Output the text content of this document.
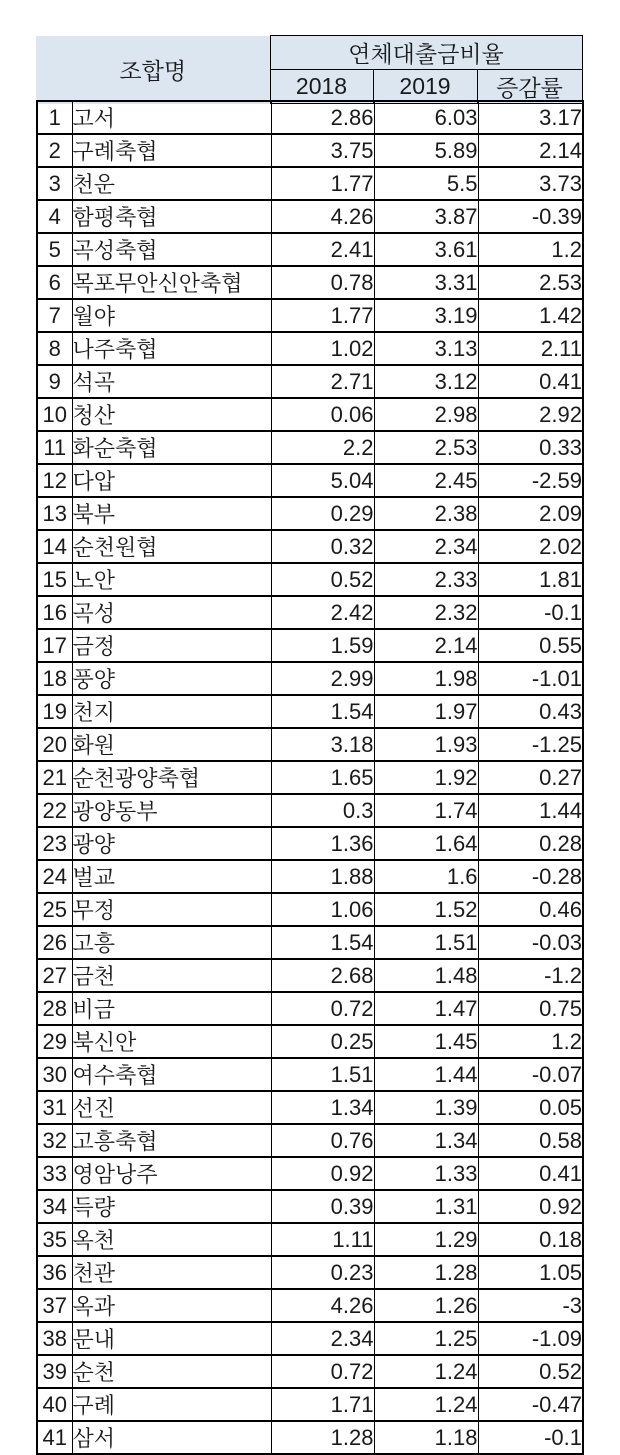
조합명	연체대출금비율		
	2018	2019	증감률
1	고서	2.86	6.03	3.17
2	구례축협	3.75	5.89	2.14
3	천운	1.77	5.5	3.73
4	함평축협	4.26	3.87	-0.39
5	곡성축협	2.41	3.61	1.2
6	목포무안신안축협	0.78	3.31	2.53
7	월야	1.77	3.19	1.42
8	나주축협	1.02	3.13	2.11
9	석곡	2.71	3.12	0.41
10	청산	0.06	2.98	2.92
11	화순축협	2.2	2.53	0.33
12	다압	5.04	2.45	-2.59
13	북부	0.29	2.38	2.09
14	순천원협	0.32	2.34	2.02
15	노안	0.52	2.33	1.81
16	곡성	2.42	2.32	-0.1
17	금정	1.59	2.14	0.55
18	풍양	2.99	1.98	-1.01
19	천지	1.54	1.97	0.43
20	화원	3.18	1.93	-1.25
21	순천광양축협	1.65	1.92	0.27
22	광양동부	0.3	1.74	1.44
23	광양	1.36	1.64	0.28
24	벌교	1.88	1.6	-0.28
25	무정	1.06	1.52	0.46
26	고흥	1.54	1.51	-0.03
27	금천	2.68	1.48	-1.2
28	비금	0.72	1.47	0.75
29	북신안	0.25	1.45	1.2
30	여수축협	1.51	1.44	-0.07
31	선진	1.34	1.39	0.05
32	고흥축협	0.76	1.34	0.58
33	영암낭주	0.92	1.33	0.41
34	득량	0.39	1.31	0.92
35	옥천	1.11	1.29	0.18
36	천관	0.23	1.28	1.05
37	옥과	4.26	1.26	-3
38	문내	2.34	1.25	-1.09
39	순천	0.72	1.24	0.52
40	구례	1.71	1.24	-0.47
41	삼서	1.28	1.18	-0.1
